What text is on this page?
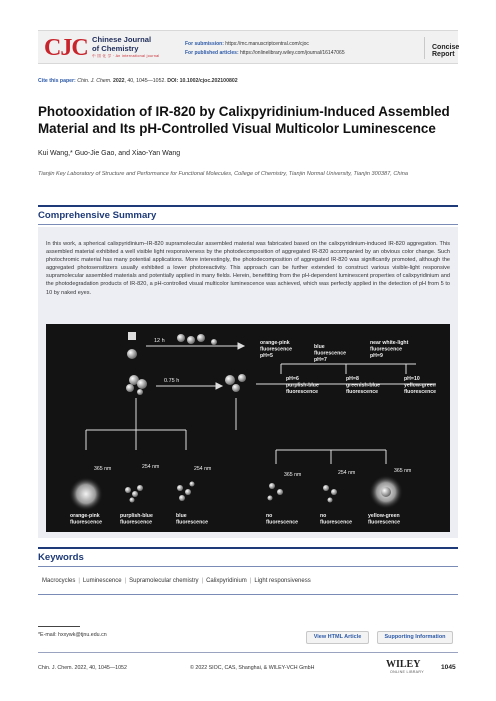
CJC Chinese Journal
of Chemistry
中 国 化 学 · An international journal
For submission: https://mc.manuscriptcentral.com/cjoc
For published articles: https://onlinelibrary.wiley.com/journal/16147065
Concise Report
Cite this paper: Chin. J. Chem. 2022, 40, 1045—1052. DOI: 10.1002/cjoc.202100802
Photooxidation of IR-820 by Calixpyridinium-Induced Assembled Material and Its pH-Controlled Visual Multicolor Luminescence
Kui Wang,* Guo-Jie Gao, and Xiao-Yan Wang
Tianjin Key Laboratory of Structure and Performance for Functional Molecules, College of Chemistry, Tianjin Normal University, Tianjin 300387, China
Comprehensive Summary
In this work, a spherical calixpyridinium–IR-820 supramolecular assembled material was fabricated based on the calixpyridinium-induced IR-820 aggregation. This assembled material exhibited a well visible light responsiveness by the photodecomposition of aggregated IR-820 accompanied by an obvious color change. Such photochromic material has many potential applications. More interestingly, the photodecomposition of aggregated IR-820 was significantly promoted, although the aggregated photosensitizers usually exhibited a lower photoreactivity. This approach can be further extended to construct various visible-light responsive supramolecular assembled materials and potentially applied in many fields. Herein, benefitting from the pH-dependent luminescent properties of calixpyridinium and the photodegradation products of IR-820, a pH-controlled visual multicolor luminescence was achieved, which was perfectly applied in the detection of pH from 5 to 10 by naked eyes.
12 h
0.75 h
orange-pink fluorescence pH=5
blue fluorescence pH=7
near white-light fluorescence pH=9
pH=6 purplish-blue fluorescence
pH=8 greenish-blue fluorescence
pH=10 yellow-green fluorescence
365 nm	254 nm	254 nm
365 nm	254 nm	365 nm
orange-pink fluorescence
purplish-blue fluorescence
blue fluorescence
no fluorescence
no fluorescence
yellow-green fluorescence
Keywords
Macrocycles | Luminescence | Supramolecular chemistry | Calixpyridinium | Light responsiveness
*E-mail: hxxywk@tjnu.edu.cn	View HTML Article	Supporting Information
Chin. J. Chem. 2022, 40, 1045—1052	© 2022 SIOC, CAS, Shanghai, & WILEY-VCH GmbH	WILEY
ONLINE LIBRARY
1045
